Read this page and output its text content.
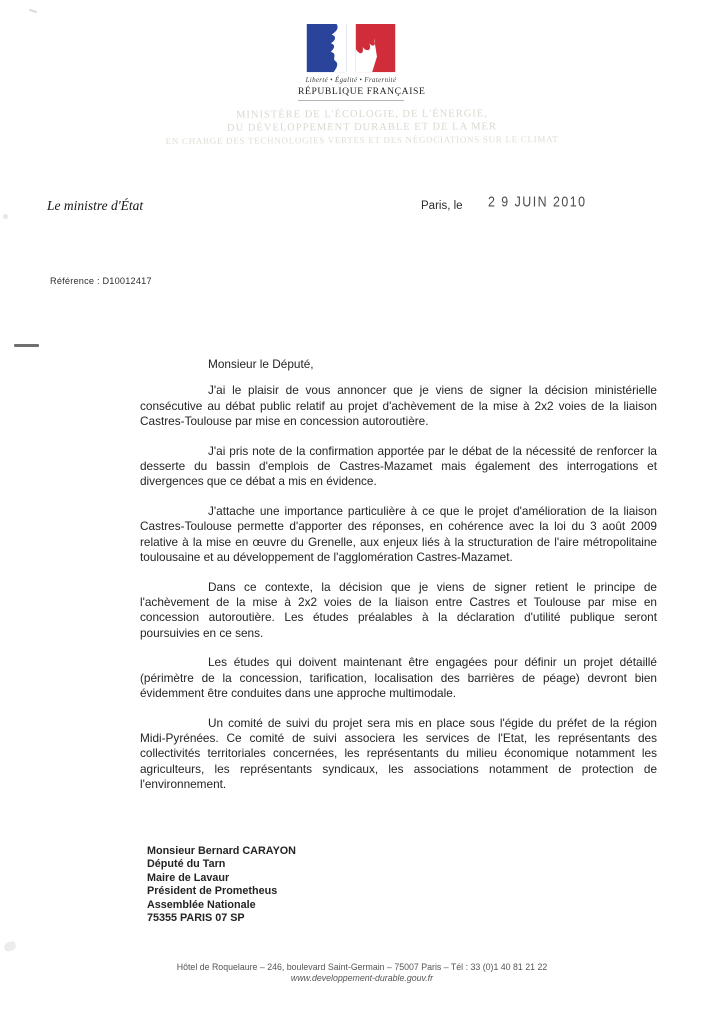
Liberté • Égalité • Fraternité
RÉPUBLIQUE FRANÇAISE
MINISTÈRE DE L'ÉCOLOGIE, DE L'ÉNERGIE,
DU DÉVELOPPEMENT DURABLE ET DE LA MER
EN CHARGE DES TECHNOLOGIES VERTES ET DES NÉGOCIATIONS SUR LE CLIMAT
Le ministre d'État	Paris, le 2 9 JUIN 2010
Référence : D10012417
Monsieur le Député,

J'ai le plaisir de vous annoncer que je viens de signer la décision ministérielle consécutive au débat public relatif au projet d'achèvement de la mise à 2x2 voies de la liaison Castres-Toulouse par mise en concession autoroutière.

J'ai pris note de la confirmation apportée par le débat de la nécessité de renforcer la desserte du bassin d'emplois de Castres-Mazamet mais également des interrogations et divergences que ce débat a mis en évidence.

J'attache une importance particulière à ce que le projet d'amélioration de la liaison Castres-Toulouse permette d'apporter des réponses, en cohérence avec la loi du 3 août 2009 relative à la mise en œuvre du Grenelle, aux enjeux liés à la structuration de l'aire métropolitaine toulousaine et au développement de l'agglomération Castres-Mazamet.

Dans ce contexte, la décision que je viens de signer retient le principe de l'achèvement de la mise à 2x2 voies de la liaison entre Castres et Toulouse par mise en concession autoroutière. Les études préalables à la déclaration d'utilité publique seront poursuivies en ce sens.

Les études qui doivent maintenant être engagées pour définir un projet détaillé (périmètre de la concession, tarification, localisation des barrières de péage) devront bien évidemment être conduites dans une approche multimodale.

Un comité de suivi du projet sera mis en place sous l'égide du préfet de la région Midi-Pyrénées. Ce comité de suivi associera les services de l'Etat, les représentants des collectivités territoriales concernées, les représentants du milieu économique notamment les agriculteurs, les représentants syndicaux, les associations notamment de protection de l'environnement.

Monsieur Bernard CARAYON
Député du Tarn
Maire de Lavaur
Président de Prometheus
Assemblée Nationale
75355 PARIS 07 SP
Hôtel de Roquelaure – 246, boulevard Saint-Germain – 75007 Paris – Tél : 33 (0)1 40 81 21 22
www.developpement-durable.gouv.fr
